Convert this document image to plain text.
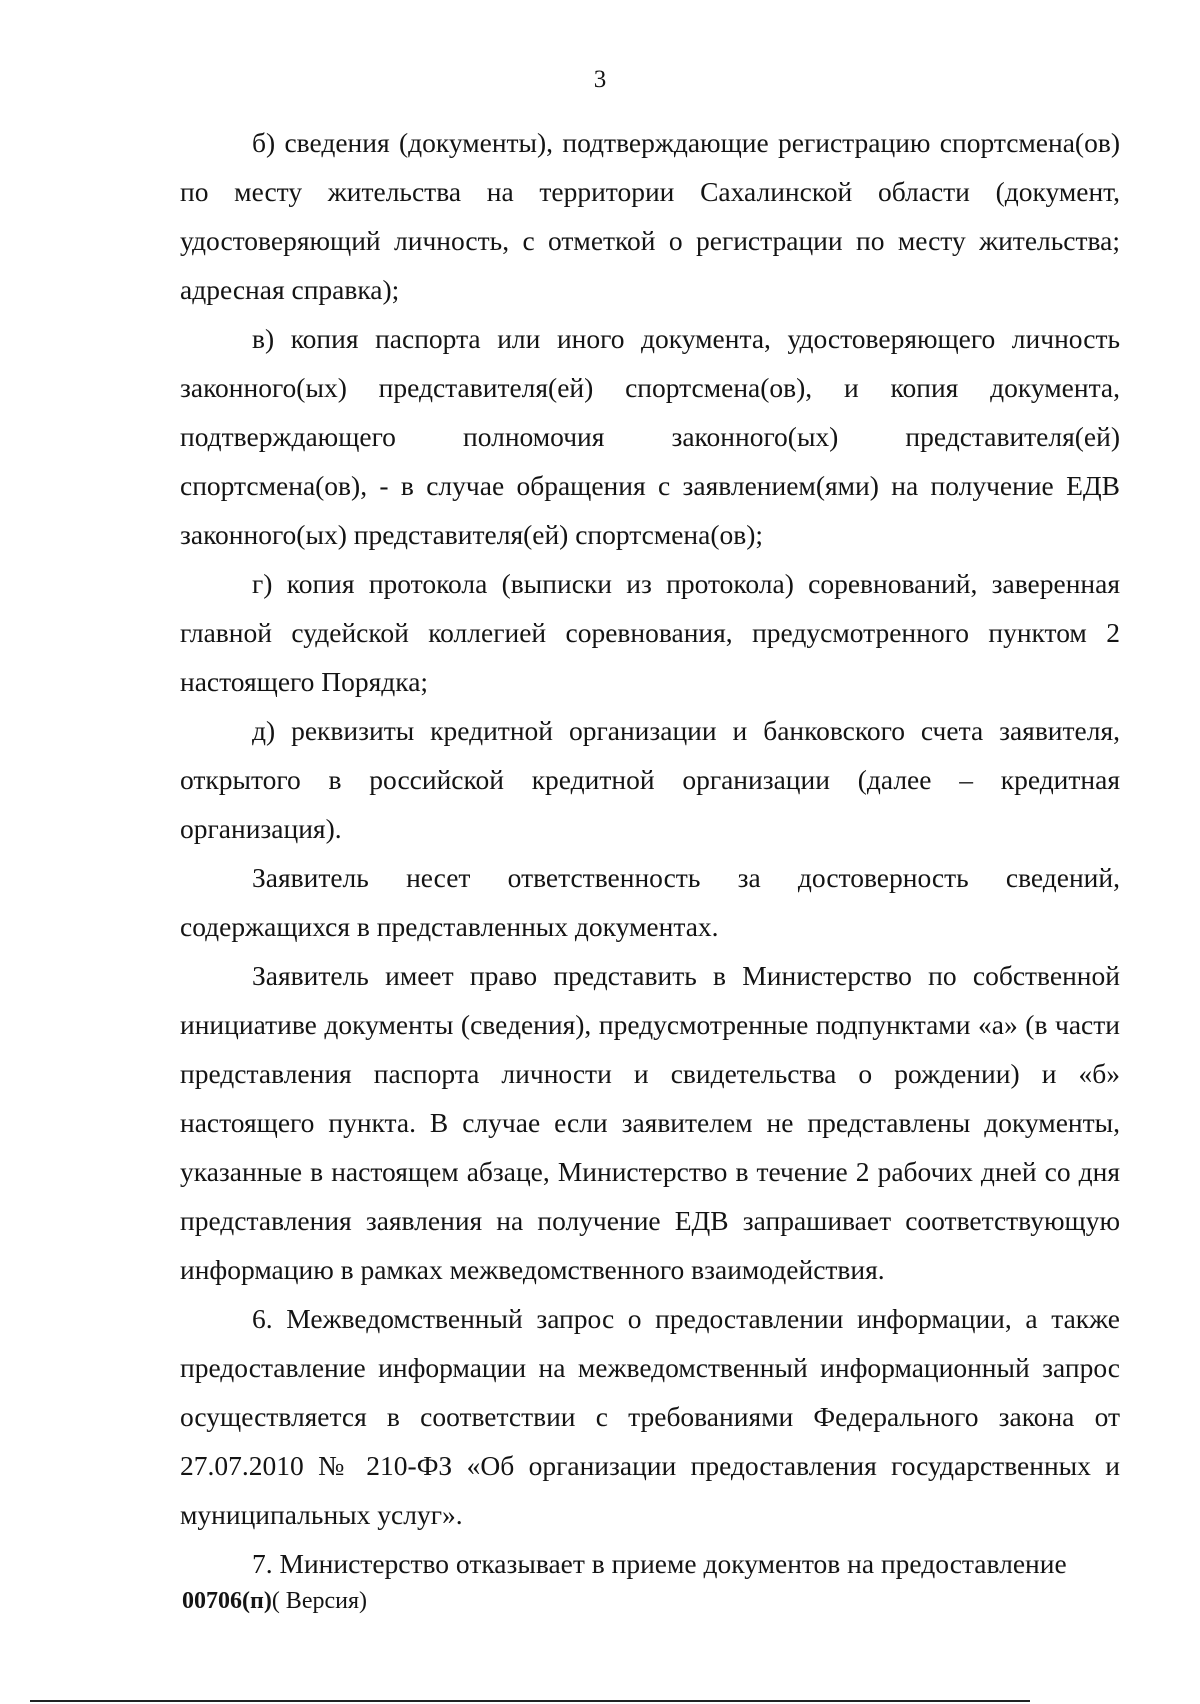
3

б) сведения (документы), подтверждающие регистрацию спортсмена(ов) по месту жительства на территории Сахалинской области (документ, удостоверяющий личность, с отметкой о регистрации по месту жительства; адресная справка);

в) копия паспорта или иного документа, удостоверяющего личность законного(ых) представителя(ей) спортсмена(ов), и копия документа, подтверждающего полномочия законного(ых) представителя(ей) спортсмена(ов), - в случае обращения с заявлением(ями) на получение ЕДВ законного(ых) представителя(ей) спортсмена(ов);

г) копия протокола (выписки из протокола) соревнований, заверенная главной судейской коллегией соревнования, предусмотренного пунктом 2 настоящего Порядка;

д) реквизиты кредитной организации и банковского счета заявителя, открытого в российской кредитной организации (далее – кредитная организация).

Заявитель несет ответственность за достоверность сведений, содержащихся в представленных документах.

Заявитель имеет право представить в Министерство по собственной инициативе документы (сведения), предусмотренные подпунктами «а» (в части представления паспорта личности и свидетельства о рождении) и «б» настоящего пункта. В случае если заявителем не представлены документы, указанные в настоящем абзаце, Министерство в течение 2 рабочих дней со дня представления заявления на получение ЕДВ запрашивает соответствующую информацию в рамках межведомственного взаимодействия.

6. Межведомственный запрос о предоставлении информации, а также предоставление информации на межведомственный информационный запрос осуществляется в соответствии с требованиями Федерального закона от 27.07.2010 № 210-ФЗ «Об организации предоставления государственных и муниципальных услуг».

7. Министерство отказывает в приеме документов на предоставление

00706(п)( Версия)
